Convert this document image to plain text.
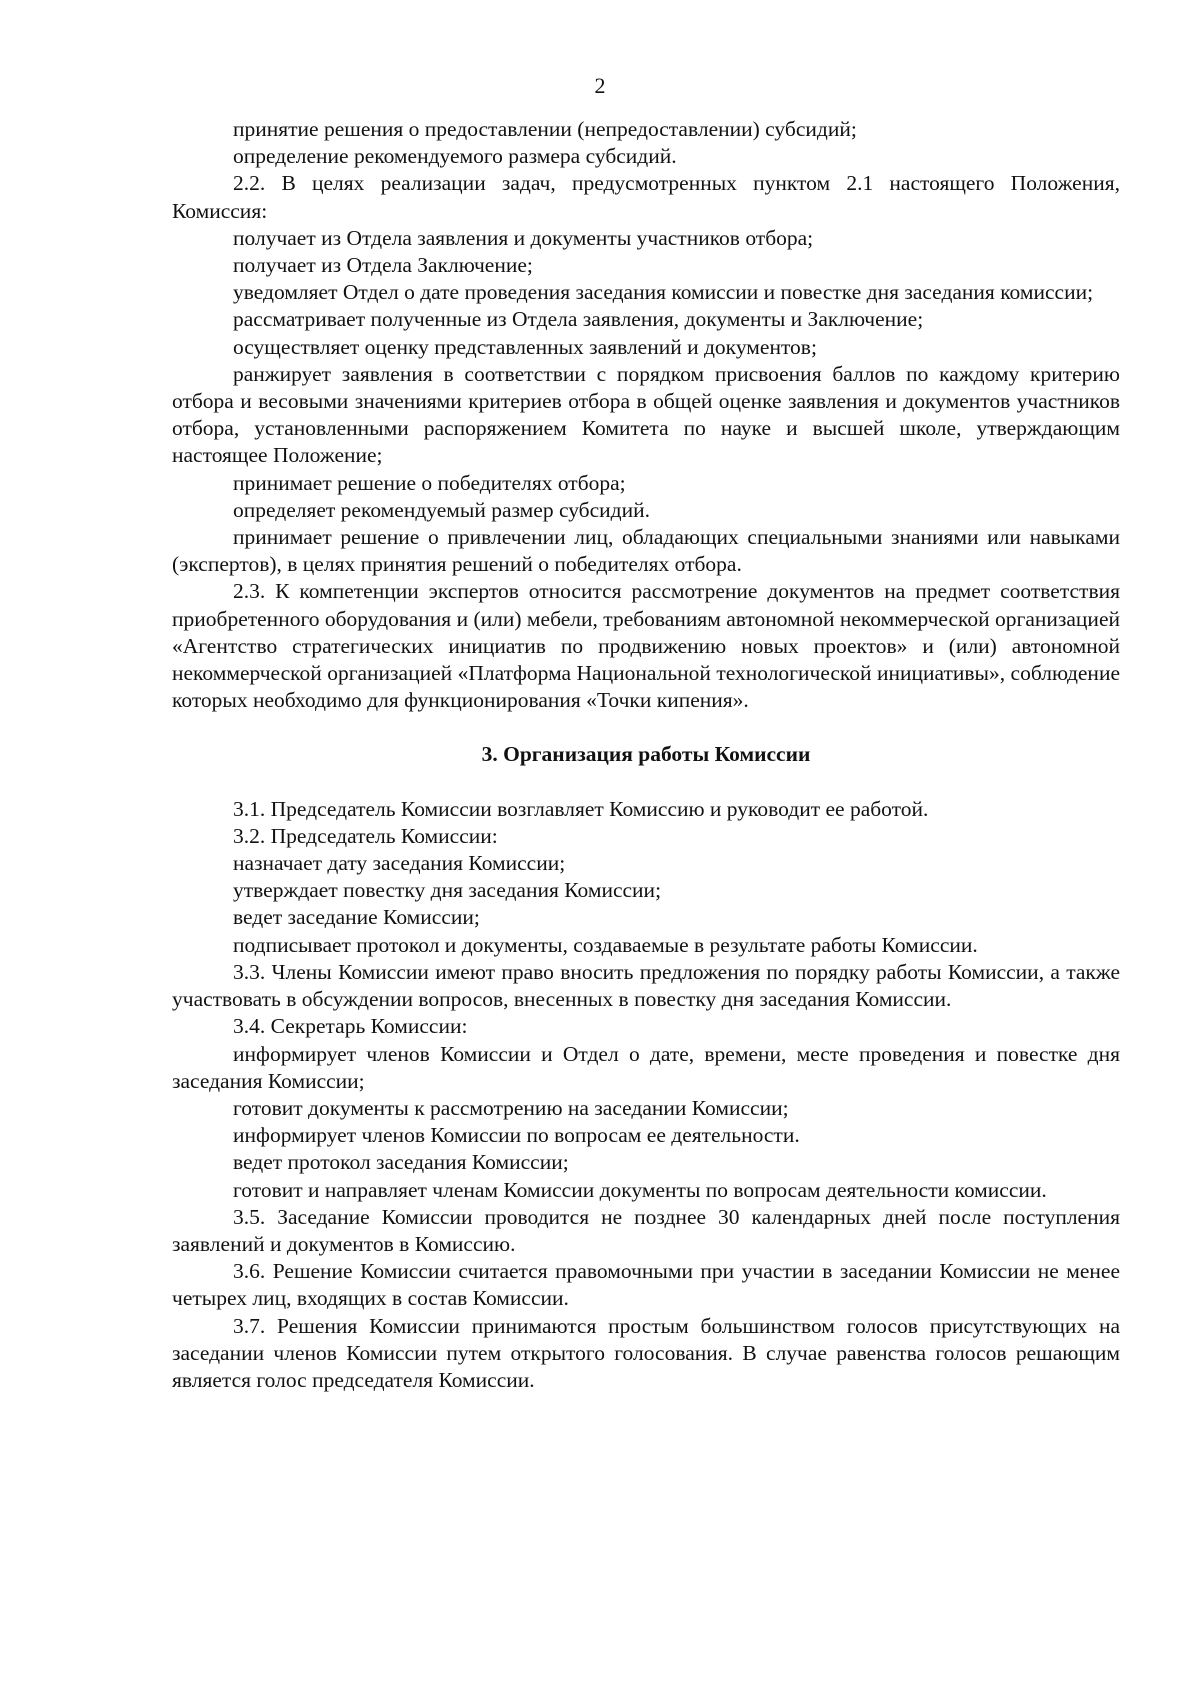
2

принятие решения о предоставлении (непредоставлении) субсидий;

определение рекомендуемого размера субсидий.

2.2. В целях реализации задач, предусмотренных пунктом 2.1 настоящего Положения, Комиссия:

получает из Отдела заявления и документы участников отбора;

получает из Отдела Заключение;

уведомляет Отдел о дате проведения заседания комиссии и повестке дня заседания комиссии;

рассматривает полученные из Отдела заявления, документы и Заключение;

осуществляет оценку представленных заявлений и документов;

ранжирует заявления в соответствии с порядком присвоения баллов по каждому критерию отбора и весовыми значениями критериев отбора в общей оценке заявления и документов участников отбора, установленными распоряжением Комитета по науке и высшей школе, утверждающим настоящее Положение;

принимает решение о победителях отбора;

определяет рекомендуемый размер субсидий.

принимает решение о привлечении лиц, обладающих специальными знаниями или навыками (экспертов), в целях принятия решений о победителях отбора.

2.3. К компетенции экспертов относится рассмотрение документов на предмет соответствия приобретенного оборудования и (или) мебели, требованиям автономной некоммерческой организацией «Агентство стратегических инициатив по продвижению новых проектов» и (или) автономной некоммерческой организацией «Платформа Национальной технологической инициативы», соблюдение которых необходимо для функционирования «Точки кипения».

3. Организация работы Комиссии

3.1. Председатель Комиссии возглавляет Комиссию и руководит ее работой.

3.2. Председатель Комиссии:

назначает дату заседания Комиссии;

утверждает повестку дня заседания Комиссии;

ведет заседание Комиссии;

подписывает протокол и документы, создаваемые в результате работы Комиссии.

3.3. Члены Комиссии имеют право вносить предложения по порядку работы Комиссии, а также участвовать в обсуждении вопросов, внесенных в повестку дня заседания Комиссии.

3.4. Секретарь Комиссии:

информирует членов Комиссии и Отдел о дате, времени, месте проведения и повестке дня заседания Комиссии;

готовит документы к рассмотрению на заседании Комиссии;

информирует членов Комиссии по вопросам ее деятельности.

ведет протокол заседания Комиссии;

готовит и направляет членам Комиссии документы по вопросам деятельности комиссии.

3.5. Заседание Комиссии проводится не позднее 30 календарных дней после поступления заявлений и документов в Комиссию.

3.6. Решение Комиссии считается правомочными при участии в заседании Комиссии не менее четырех лиц, входящих в состав Комиссии.

3.7. Решения Комиссии принимаются простым большинством голосов присутствующих на заседании членов Комиссии путем открытого голосования. В случае равенства голосов решающим является голос председателя Комиссии.
